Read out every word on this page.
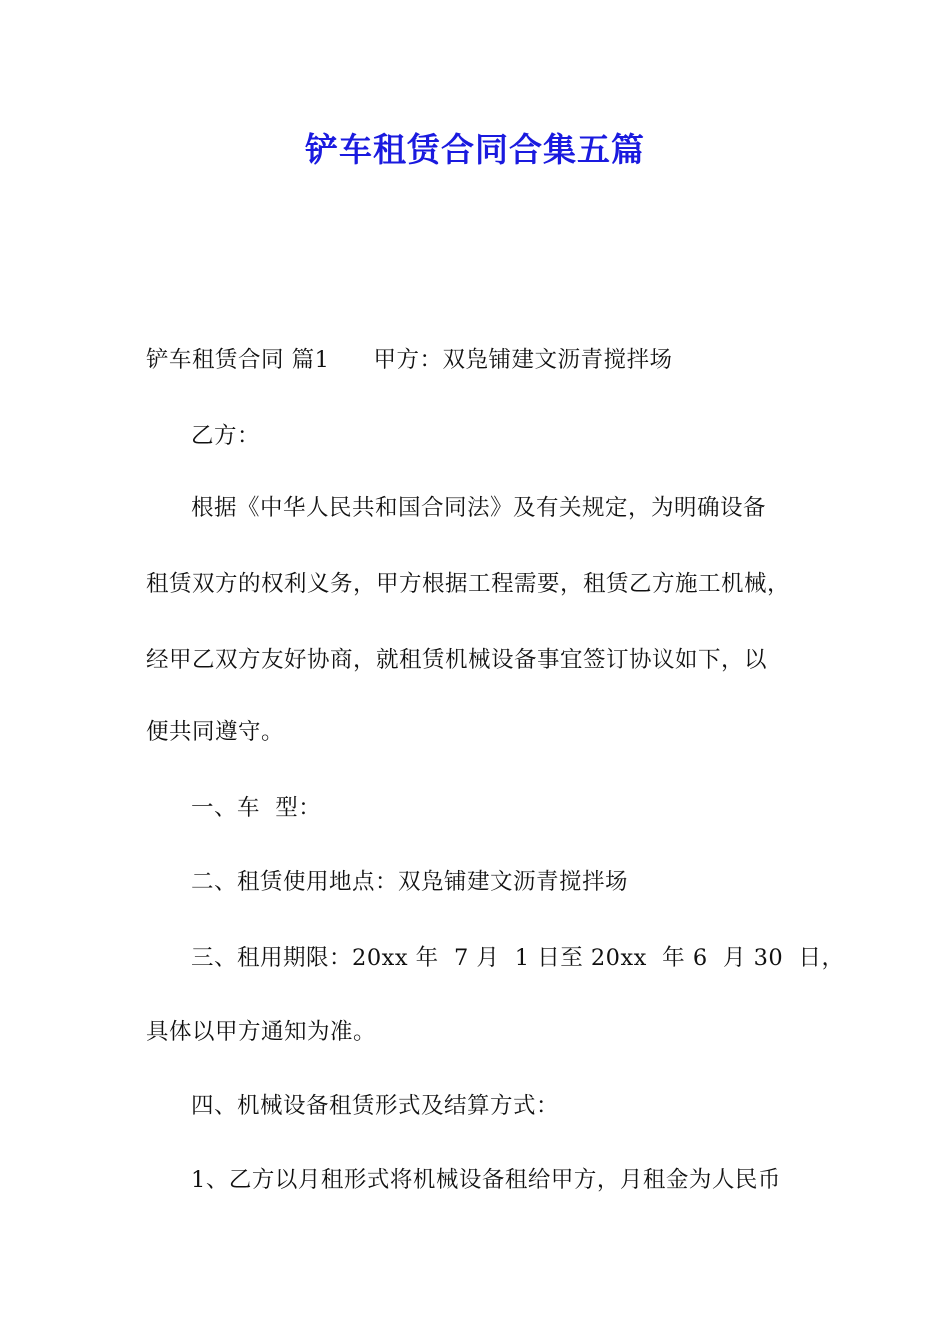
铲车租赁合同合集五篇
铲车租赁合同 篇1 甲方：双凫铺建文沥青搅拌场
乙方：
根据《中华人民共和国合同法》及有关规定，为明确设备
租赁双方的权利义务，甲方根据工程需要，租赁乙方施工机械，
经甲乙双方友好协商，就租赁机械设备事宜签订协议如下，以
便共同遵守。
一、车  型：
二、租赁使用地点：双凫铺建文沥青搅拌场
三、租用期限：20xx 年  7 月  1 日至 20xx  年 6  月 30  日，
具体以甲方通知为准。
四、机械设备租赁形式及结算方式：
1、乙方以月租形式将机械设备租给甲方，月租金为人民币
